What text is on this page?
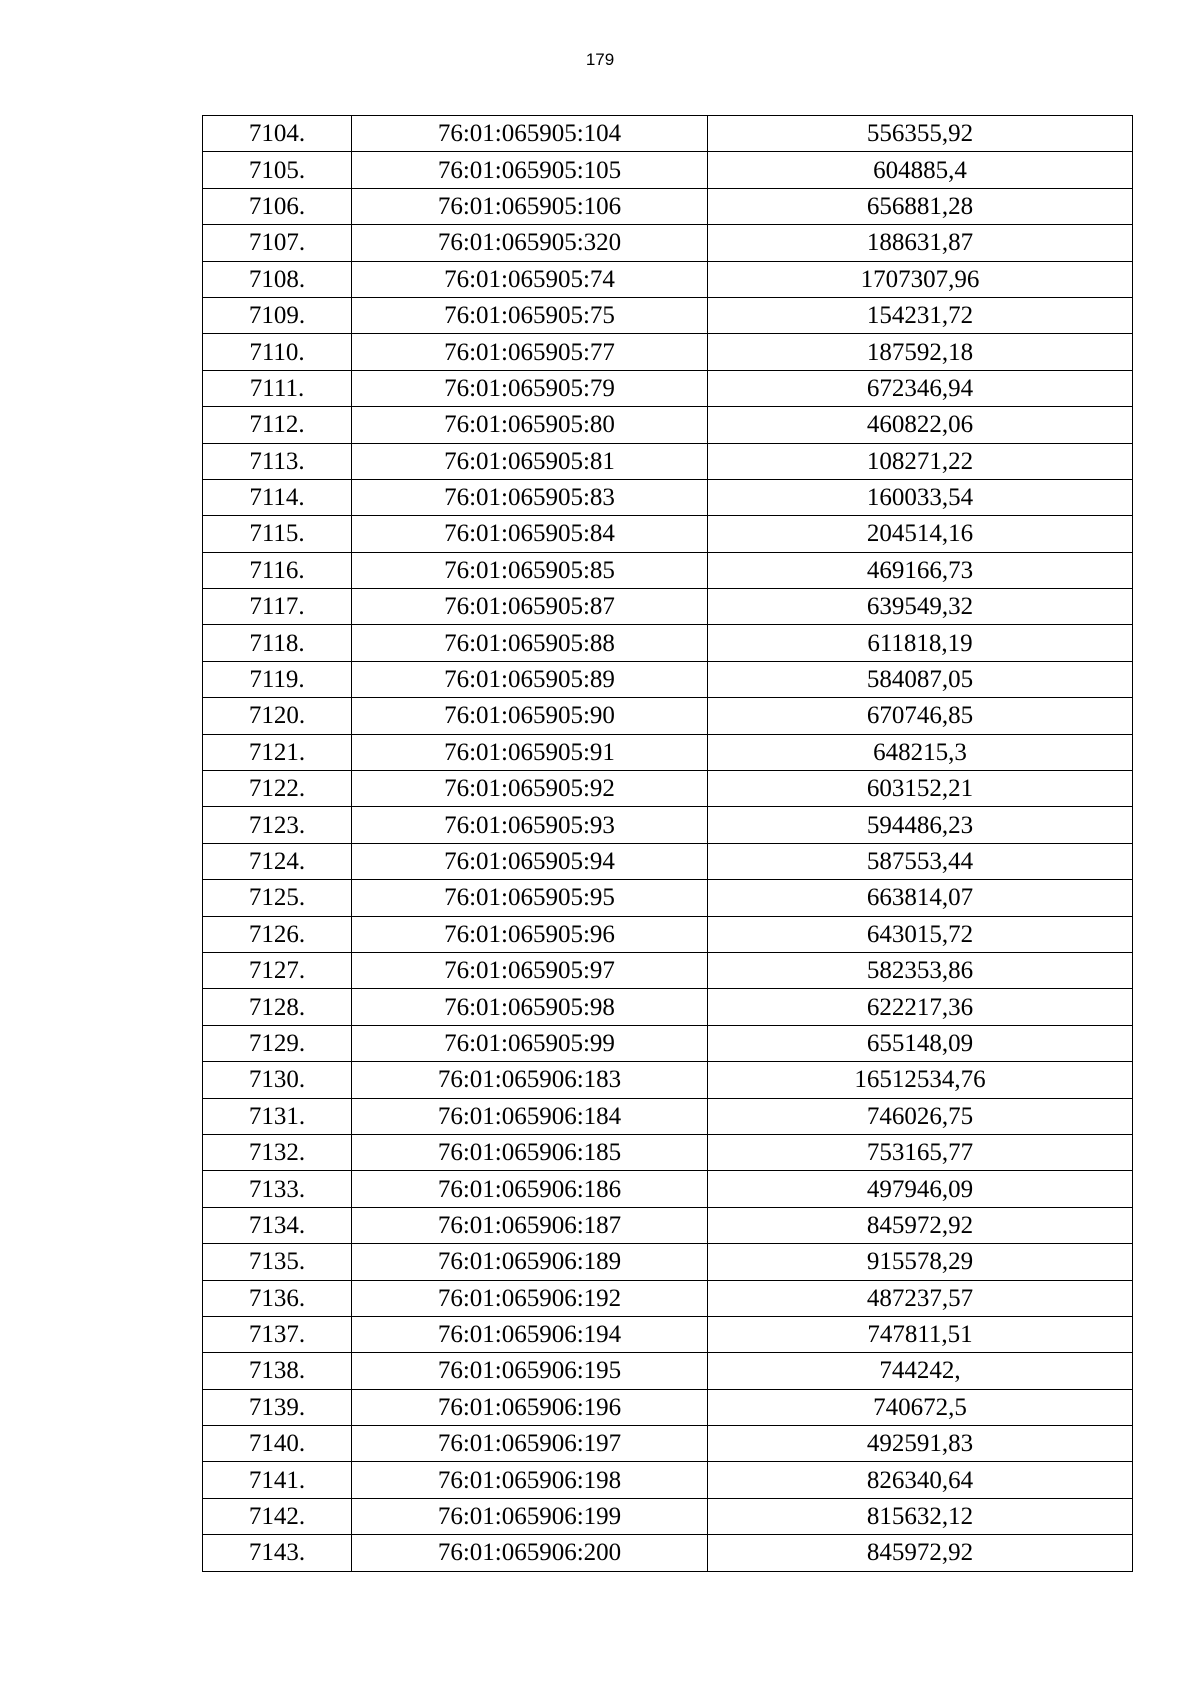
179
7104.	76:01:065905:104	556355,92
7105.	76:01:065905:105	604885,4
7106.	76:01:065905:106	656881,28
7107.	76:01:065905:320	188631,87
7108.	76:01:065905:74	1707307,96
7109.	76:01:065905:75	154231,72
7110.	76:01:065905:77	187592,18
7111.	76:01:065905:79	672346,94
7112.	76:01:065905:80	460822,06
7113.	76:01:065905:81	108271,22
7114.	76:01:065905:83	160033,54
7115.	76:01:065905:84	204514,16
7116.	76:01:065905:85	469166,73
7117.	76:01:065905:87	639549,32
7118.	76:01:065905:88	611818,19
7119.	76:01:065905:89	584087,05
7120.	76:01:065905:90	670746,85
7121.	76:01:065905:91	648215,3
7122.	76:01:065905:92	603152,21
7123.	76:01:065905:93	594486,23
7124.	76:01:065905:94	587553,44
7125.	76:01:065905:95	663814,07
7126.	76:01:065905:96	643015,72
7127.	76:01:065905:97	582353,86
7128.	76:01:065905:98	622217,36
7129.	76:01:065905:99	655148,09
7130.	76:01:065906:183	16512534,76
7131.	76:01:065906:184	746026,75
7132.	76:01:065906:185	753165,77
7133.	76:01:065906:186	497946,09
7134.	76:01:065906:187	845972,92
7135.	76:01:065906:189	915578,29
7136.	76:01:065906:192	487237,57
7137.	76:01:065906:194	747811,51
7138.	76:01:065906:195	744242,
7139.	76:01:065906:196	740672,5
7140.	76:01:065906:197	492591,83
7141.	76:01:065906:198	826340,64
7142.	76:01:065906:199	815632,12
7143.	76:01:065906:200	845972,92
